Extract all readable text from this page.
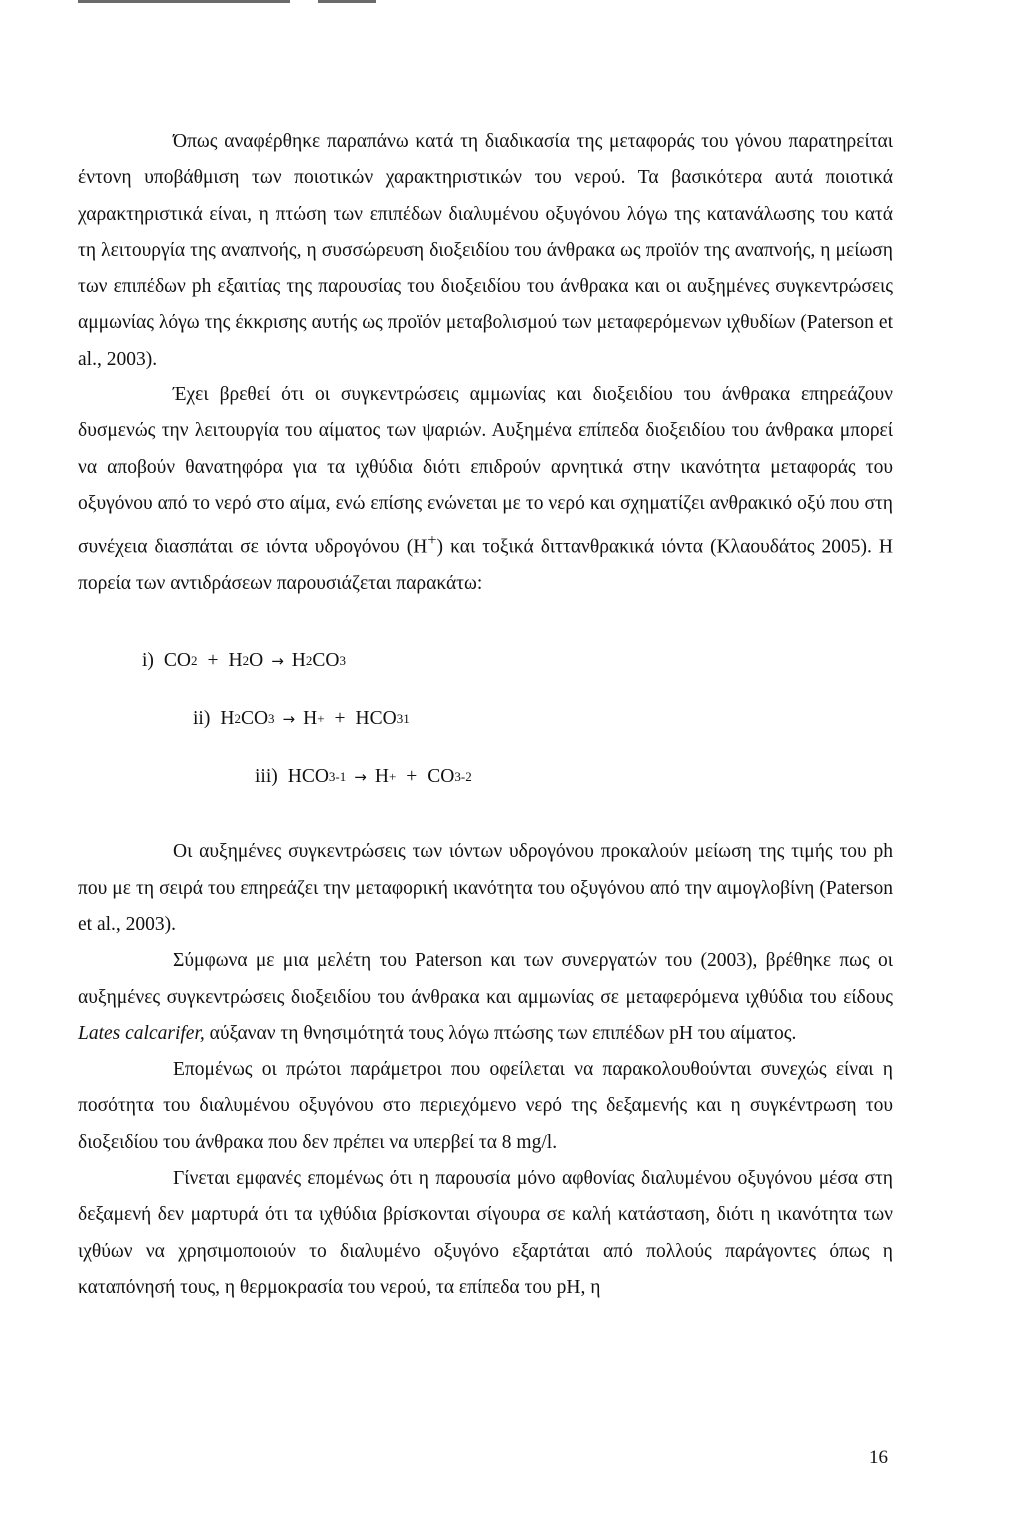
Όπως αναφέρθηκε παραπάνω κατά τη διαδικασία της μεταφοράς του γόνου παρατηρείται έντονη υποβάθμιση των ποιοτικών χαρακτηριστικών του νερού. Τα βασικότερα αυτά ποιοτικά χαρακτηριστικά είναι, η πτώση των επιπέδων διαλυμένου οξυγόνου λόγω της κατανάλωσης του κατά τη λειτουργία της αναπνοής, η συσσώρευση διοξειδίου του άνθρακα ως προϊόν της αναπνοής, η μείωση των επιπέδων ph εξαιτίας της παρουσίας του διοξειδίου του άνθρακα και οι αυξημένες συγκεντρώσεις αμμωνίας λόγω της έκκρισης αυτής ως προϊόν μεταβολισμού των μεταφερόμενων ιχθυδίων (Paterson et al., 2003).

Έχει βρεθεί ότι οι συγκεντρώσεις αμμωνίας και διοξειδίου του άνθρακα επηρεάζουν δυσμενώς την λειτουργία του αίματος των ψαριών. Αυξημένα επίπεδα διοξειδίου του άνθρακα μπορεί να αποβούν θανατηφόρα για τα ιχθύδια διότι επιδρούν αρνητικά στην ικανότητα μεταφοράς του οξυγόνου από το νερό στο αίμα, ενώ επίσης ενώνεται με το νερό και σχηματίζει ανθρακικό οξύ που στη συνέχεια διασπάται σε ιόντα υδρογόνου (H+) και τοξικά διττανθρακικά ιόντα (Κλαουδάτος 2005). Η πορεία των αντιδράσεων παρουσιάζεται παρακάτω:

i) CO 2 + H 2 O → H 2 CO 3
ii) H 2 CO 3 → H + + HCO 3 1
iii) HCO 3 -1 → H + + CO 3 -2

Οι αυξημένες συγκεντρώσεις των ιόντων υδρογόνου προκαλούν μείωση της τιμής του ph που με τη σειρά του επηρεάζει την μεταφορική ικανότητα του οξυγόνου από την αιμογλοβίνη (Paterson et al., 2003).

Σύμφωνα με μια μελέτη του Paterson και των συνεργατών του (2003), βρέθηκε πως οι αυξημένες συγκεντρώσεις διοξειδίου του άνθρακα και αμμωνίας σε μεταφερόμενα ιχθύδια του είδους Lates calcarifer, αύξαναν τη θνησιμότητά τους λόγω πτώσης των επιπέδων pH του αίματος.

Επομένως οι πρώτοι παράμετροι που οφείλεται να παρακολουθούνται συνεχώς είναι η ποσότητα του διαλυμένου οξυγόνου στο περιεχόμενο νερό της δεξαμενής και η συγκέντρωση του διοξειδίου του άνθρακα που δεν πρέπει να υπερβεί τα 8 mg/l.

Γίνεται εμφανές επομένως ότι η παρουσία μόνο αφθονίας διαλυμένου οξυγόνου μέσα στη δεξαμενή δεν μαρτυρά ότι τα ιχθύδια βρίσκονται σίγουρα σε καλή κατάσταση, διότι η ικανότητα των ιχθύων να χρησιμοποιούν το διαλυμένο οξυγόνο εξαρτάται από πολλούς παράγοντες όπως η καταπόνησή τους, η θερμοκρασία του νερού, τα επίπεδα του pH, η

16
